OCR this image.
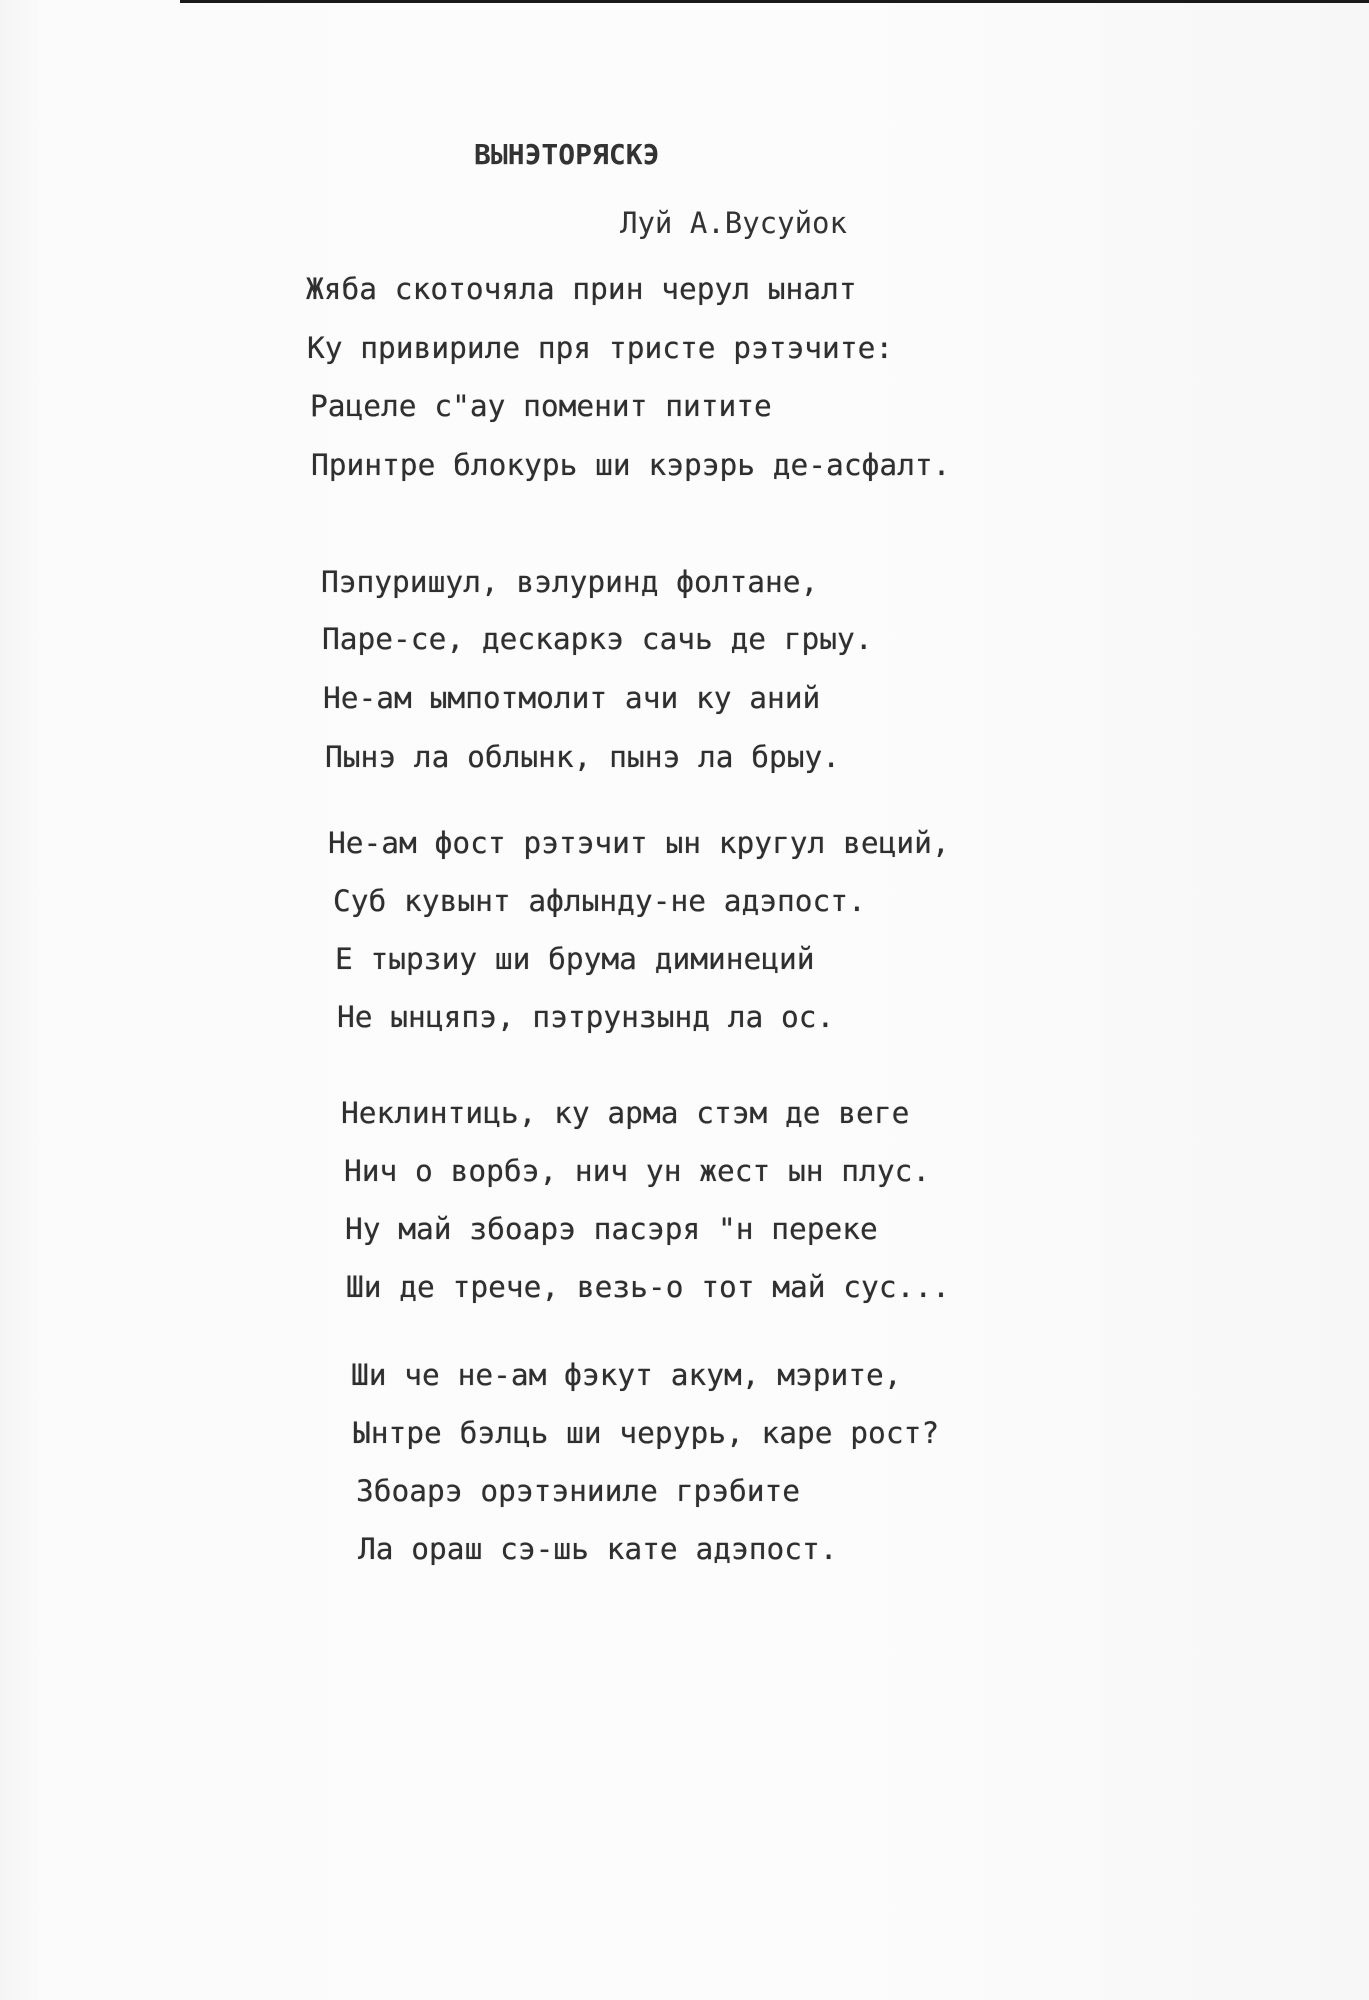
ВЫНЭТОРЯСКЭ
Луй А.Вусуйок
Жяба скоточяла прин черул ыналт
Ку привириле пря тристе рэтэчите:
Рацеле с"ау поменит питите
Принтре блокурь ши кэрэрь де-асфалт.
Пэпуришул, вэлуринд фолтане,
Паре-се, дескаркэ сачь де грыу.
Не-ам ымпотмолит ачи ку аний
Пынэ ла облынк, пынэ ла брыу.
Не-ам фост рэтэчит ын кругул веций,
Суб кувынт афлынду-не адэпост.
Е тырзиу ши брума диминеций
Не ынцяпэ, пэтрунзынд ла ос.
Неклинтиць, ку арма стэм де веге
Нич о ворбэ, нич ун жест ын плус.
Ну май збоарэ пасэря "н переке
Ши де тречe, везь-о тот май сус...
Ши че не-ам фэкут акум, мэрите,
Ынтре бэлць ши черурь, каре рост?
Збоарэ орэтэнииле грэбите
Ла ораш сэ-шь кате адэпост.
